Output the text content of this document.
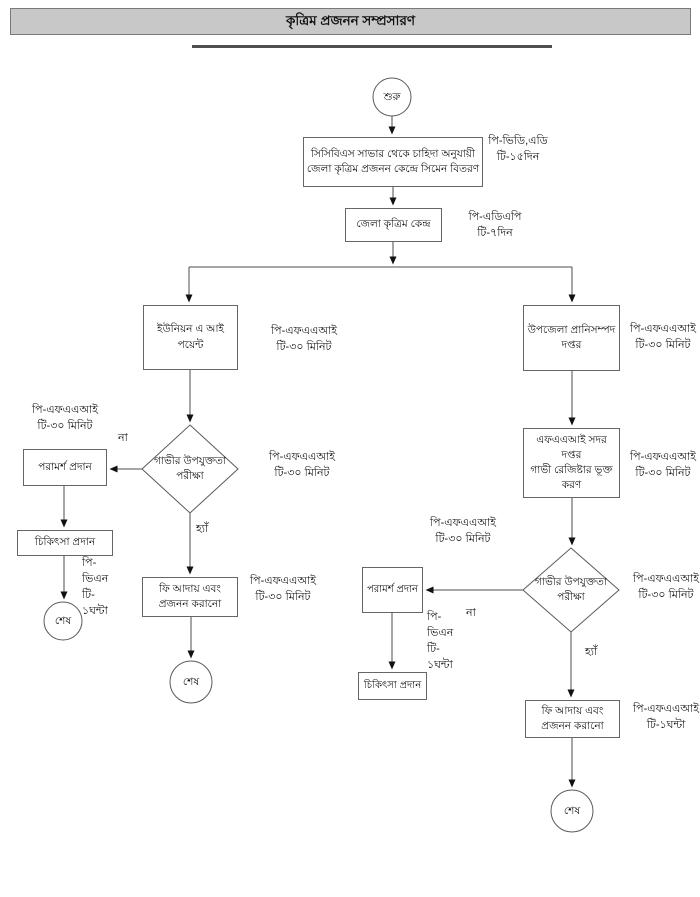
কৃত্রিম প্রজনন সম্প্রসারণ
শুরু
শেষ
শেষ
শেষ
সিসিবিএস সাভার থেকে চাহিদা অনুযায়ী
জেলা কৃত্রিম প্রজনন কেন্দ্রে সিমেন বিতরণ
জেলা কৃত্রিম কেন্দ্র
ইউনিয়ন এ আই
পয়েন্ট
উপজেলা প্রানিসম্পদ
দপ্তর
এফএএআই সদর
দপ্তর
গাভী রেজিষ্টার ভূক্ত
করণ
পরামর্শ প্রদান
চিকিৎসা প্রদান
ফি আদায় এবং
প্রজনন করানো
পরামর্শ প্রদান
চিকিৎসা প্রদান
ফি আদায় এবং
প্রজনন করানো
গাভীর উপযুক্ততা
পরীক্ষা
গাভীর উপযুক্ততা
পরীক্ষা
পি-ভিডি,এডি
টি-১৫দিন
পি-এডিএপি
টি-৭দিন
পি-এফএএআই
টি-৩০ মিনিট
পি-এফএএআই
টি-৩০ মিনিট
পি-এফএএআই
টি-৩০ মিনিট
পি-এফএএআই
টি-৩০ মিনিট
পি-
ভিএন
টি-
১ঘন্টা
পি-এফএএআই
টি-৩০ মিনিট
পি-এফএএআই
টি-৩০ মিনিট
পি-এফএএআই
টি-৩০ মিনিট
পি-এফএএআই
টি-৩০ মিনিট
পি-
ভিএন
টি-
১ঘন্টা
পি-এফএএআই
টি-১ঘন্টা
না
হ্যাঁ
না
হ্যাঁ
